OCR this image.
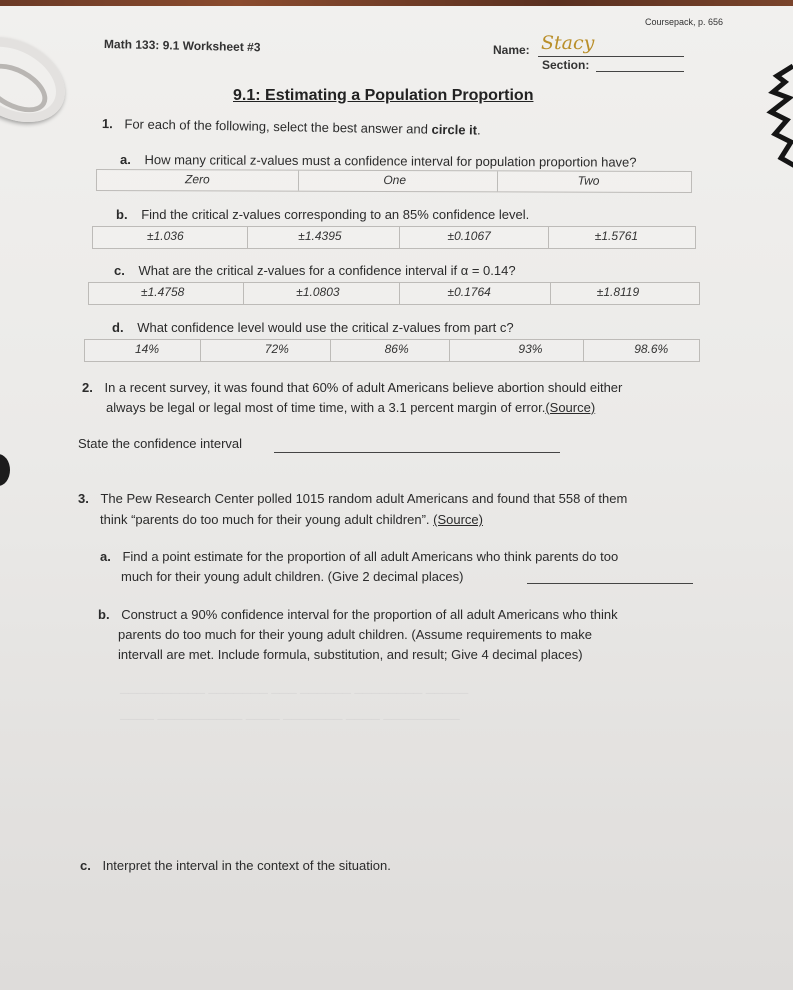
────────── ─────── ─── ────── ──────── ─────
──── ────────── ──── ─────── ──── ─────────
Coursepack, p. 656
Math 133: 9.1 Worksheet #3	Name: Stacy
Section:
9.1: Estimating a Population Proportion
1. For each of the following, select the best answer and circle it.
a. How many critical z-values must a confidence interval for population proportion have?
Zero	One	Two
b. Find the critical z-values corresponding to an 85% confidence level.
±1.036	±1.4395	±0.1067	±1.5761
c. What are the critical z-values for a confidence interval if α = 0.14?
±1.4758	±1.0803	±0.1764	±1.8119
d. What confidence level would use the critical z-values from part c?
14%	72%	86%	93%	98.6%
2. In a recent survey, it was found that 60% of adult Americans believe abortion should either
always be legal or legal most of time time, with a 3.1 percent margin of error.(Source)
State the confidence interval
3. The Pew Research Center polled 1015 random adult Americans and found that 558 of them
think “parents do too much for their young adult children”. (Source)
a. Find a point estimate for the proportion of all adult Americans who think parents do too
much for their young adult children. (Give 2 decimal places)
b. Construct a 90% confidence interval for the proportion of all adult Americans who think
parents do too much for their young adult children. (Assume requirements to make
intervall are met. Include formula, substitution, and result; Give 4 decimal places)
c. Interpret the interval in the context of the situation.
